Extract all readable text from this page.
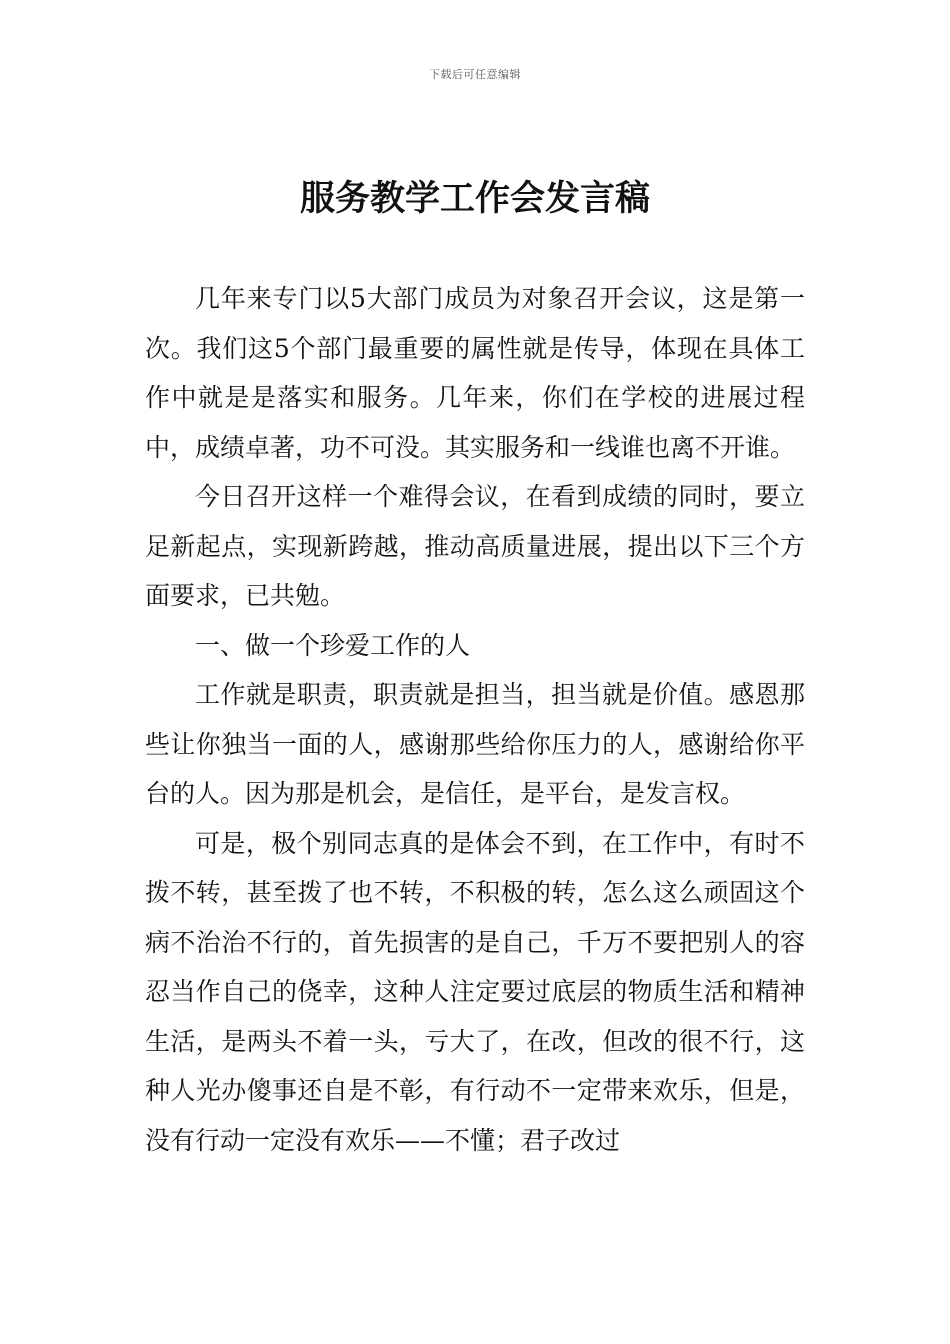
下载后可任意编辑
服务教学工作会发言稿

几年来专门以5大部门成员为对象召开会议，这是第一次。我们这5个部门最重要的属性就是传导，体现在具体工作中就是是落实和服务。几年来，你们在学校的进展过程中，成绩卓著，功不可没。其实服务和一线谁也离不开谁。

今日召开这样一个难得会议，在看到成绩的同时，要立足新起点，实现新跨越，推动高质量进展，提出以下三个方面要求，已共勉。

一、做一个珍爱工作的人

工作就是职责，职责就是担当，担当就是价值。感恩那些让你独当一面的人，感谢那些给你压力的人，感谢给你平台的人。因为那是机会，是信任，是平台，是发言权。

可是，极个别同志真的是体会不到，在工作中，有时不拨不转，甚至拨了也不转，不积极的转，怎么这么顽固这个病不治治不行的，首先损害的是自己，千万不要把别人的容忍当作自己的侥幸，这种人注定要过底层的物质生活和精神生活，是两头不着一头，亏大了，在改，但改的很不行，这种人光办傻事还自是不彰，有行动不一定带来欢乐，但是，没有行动一定没有欢乐——不懂；君子改过
